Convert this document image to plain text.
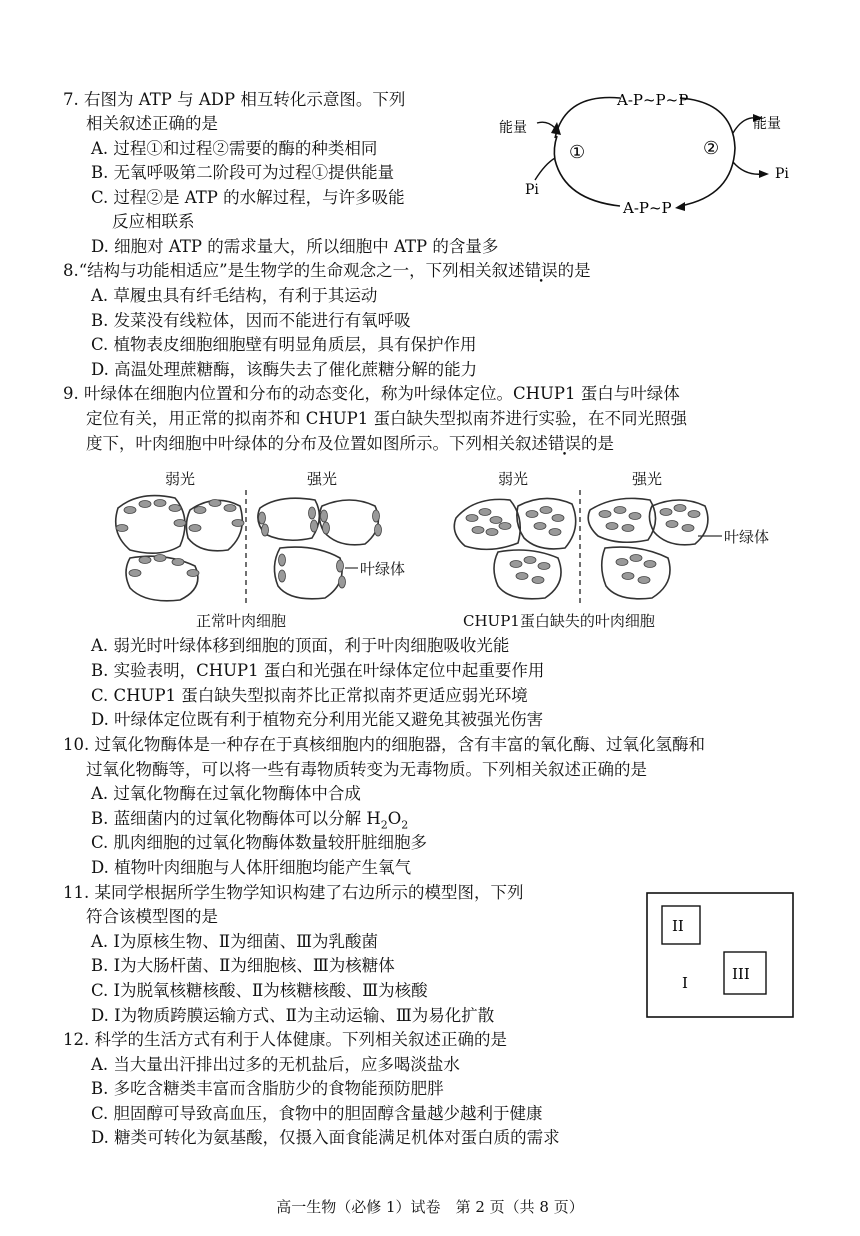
7. 右图为 ATP 与 ADP 相互转化示意图。下列
相关叙述正确的是
A. 过程①和过程②需要的酶的种类相同
B. 无氧呼吸第二阶段可为过程①提供能量
C. 过程②是 ATP 的水解过程，与许多吸能
反应相联系
D. 细胞对 ATP 的需求量大，所以细胞中 ATP 的含量多
A-P~P~P
A-P~P
能量	能量
Pi
Pi
①	②
8.“结构与功能相适应”是生物学的生命观念之一，下列相关叙述错误的是
A. 草履虫具有纤毛结构，有利于其运动
B. 发菜没有线粒体，因而不能进行有氧呼吸
C. 植物表皮细胞细胞壁有明显角质层，具有保护作用
D. 高温处理蔗糖酶，该酶失去了催化蔗糖分解的能力
9. 叶绿体在细胞内位置和分布的动态变化，称为叶绿体定位。CHUP1 蛋白与叶绿体
定位有关，用正常的拟南芥和 CHUP1 蛋白缺失型拟南芥进行实验，在不同光照强
度下，叶肉细胞中叶绿体的分布及位置如图所示。下列相关叙述错误的是
弱光	强光	弱光	强光
叶绿体
叶绿体
正常叶肉细胞	CHUP1蛋白缺失的叶肉细胞
A. 弱光时叶绿体移到细胞的顶面，利于叶肉细胞吸收光能
B. 实验表明，CHUP1 蛋白和光强在叶绿体定位中起重要作用
C. CHUP1 蛋白缺失型拟南芥比正常拟南芥更适应弱光环境
D. 叶绿体定位既有利于植物充分利用光能又避免其被强光伤害
10. 过氧化物酶体是一种存在于真核细胞内的细胞器，含有丰富的氧化酶、过氧化氢酶和
过氧化物酶等，可以将一些有毒物质转变为无毒物质。下列相关叙述正确的是
A. 过氧化物酶在过氧化物酶体中合成
B. 蓝细菌内的过氧化物酶体可以分解 $H_2O_2$
C. 肌肉细胞的过氧化物酶体数量较肝脏细胞多
D. 植物叶肉细胞与人体肝细胞均能产生氧气
11. 某同学根据所学生物学知识构建了右边所示的模型图，下列
符合该模型图的是
A. Ⅰ为原核生物、Ⅱ为细菌、Ⅲ为乳酸菌
B. Ⅰ为大肠杆菌、Ⅱ为细胞核、Ⅲ为核糖体
C. Ⅰ为脱氧核糖核酸、Ⅱ为核糖核酸、Ⅲ为核酸
D. Ⅰ为物质跨膜运输方式、Ⅱ为主动运输、Ⅲ为易化扩散
II
III
I
12. 科学的生活方式有利于人体健康。下列相关叙述正确的是
A. 当大量出汗排出过多的无机盐后，应多喝淡盐水
B. 多吃含糖类丰富而含脂肪少的食物能预防肥胖
C. 胆固醇可导致高血压，食物中的胆固醇含量越少越利于健康
D. 糖类可转化为氨基酸，仅摄入面食能满足机体对蛋白质的需求
高一生物（必修 1）试卷　第 2 页（共 8 页）
